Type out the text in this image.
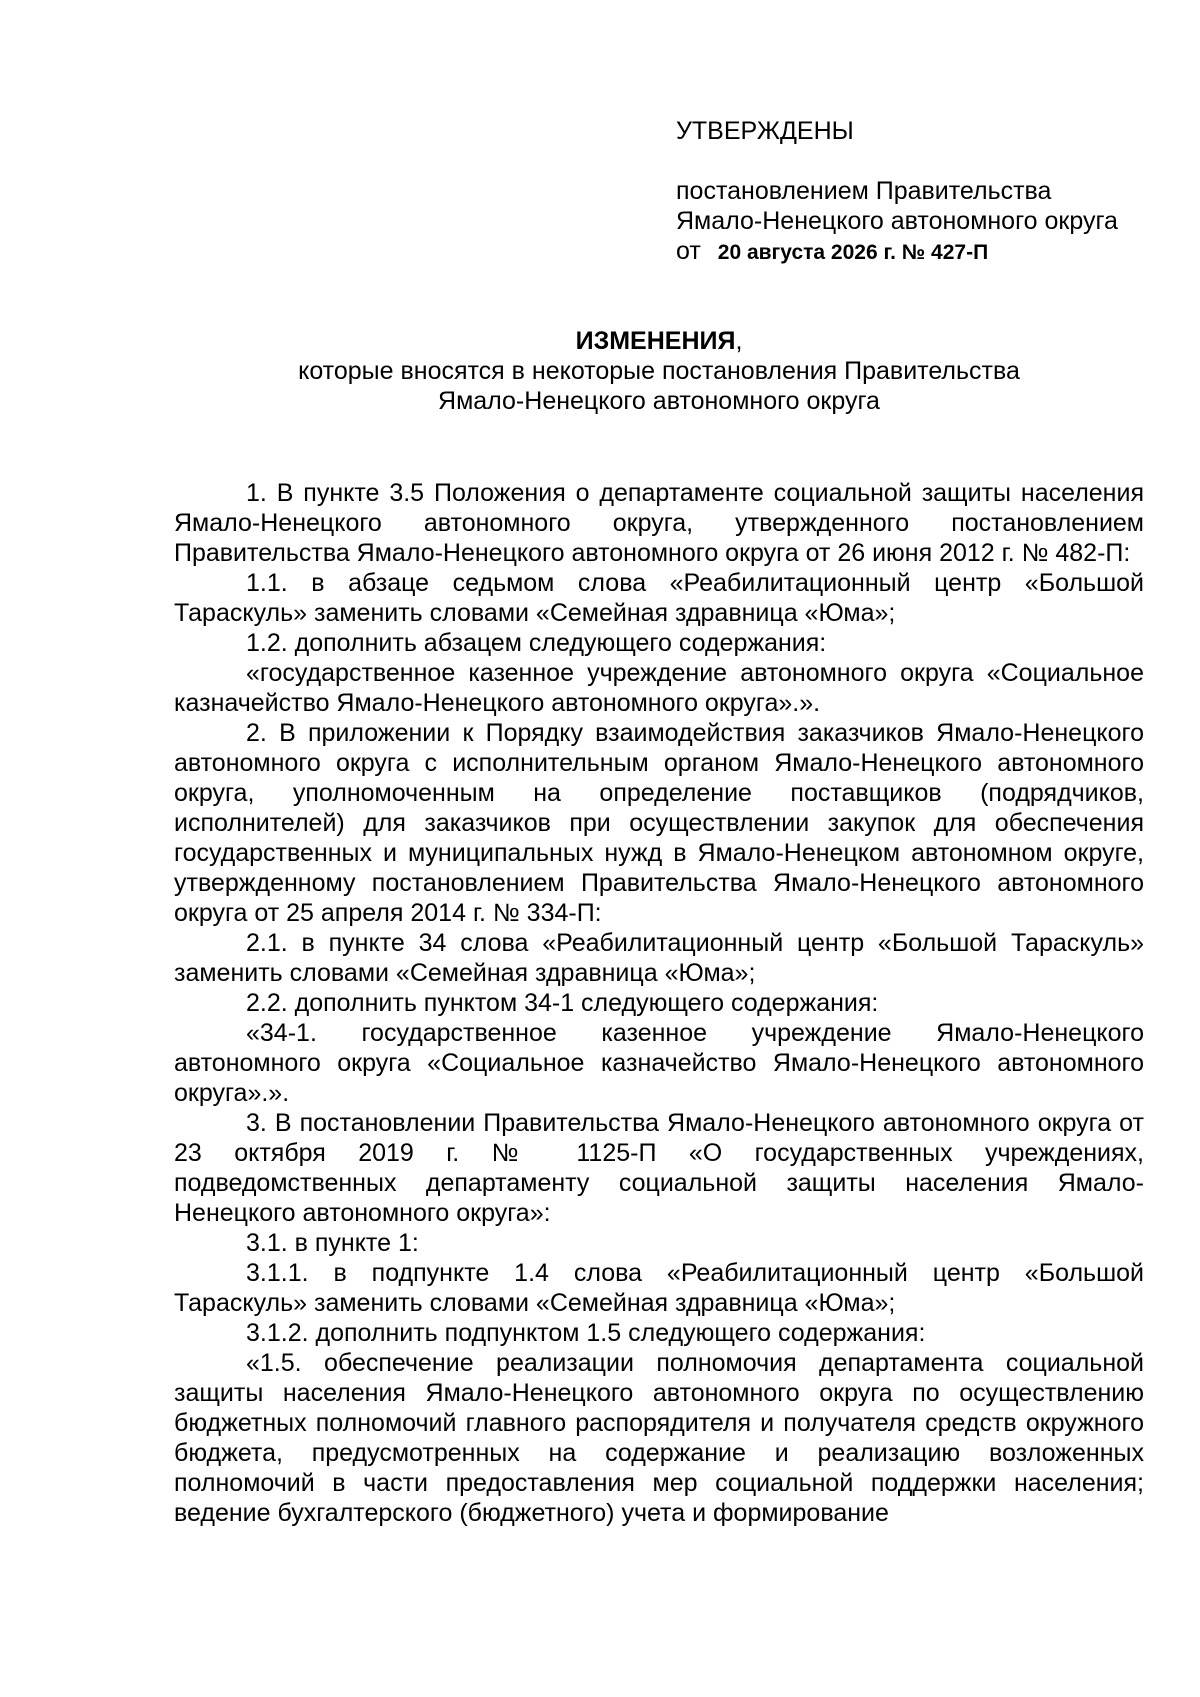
УТВЕРЖДЕНЫ
постановлением Правительства
Ямало-Ненецкого автономного округа
от 20 августа 2026 г. № 427-П
ИЗМЕНЕНИЯ,
которые вносятся в некоторые постановления Правительства
Ямало-Ненецкого автономного округа

1. В пункте 3.5 Положения о департаменте социальной защиты населения Ямало-Ненецкого автономного округа, утвержденного постановлением Правительства Ямало-Ненецкого автономного округа от 26 июня 2012 г. № 482-П:

1.1. в абзаце седьмом слова «Реабилитационный центр «Большой Тараскуль» заменить словами «Семейная здравница «Юма»;

1.2. дополнить абзацем следующего содержания:

«государственное казенное учреждение автономного округа «Социальное казначейство Ямало-Ненецкого автономного округа».».

2. В приложении к Порядку взаимодействия заказчиков Ямало-Ненецкого автономного округа с исполнительным органом Ямало-Ненецкого автономного округа, уполномоченным на определение поставщиков (подрядчиков, исполнителей) для заказчиков при осуществлении закупок для обеспечения государственных и муниципальных нужд в Ямало-Ненецком автономном округе, утвержденному постановлением Правительства Ямало-Ненецкого автономного округа от 25 апреля 2014 г. № 334-П:

2.1. в пункте 34 слова «Реабилитационный центр «Большой Тараскуль» заменить словами «Семейная здравница «Юма»;

2.2. дополнить пунктом 34-1 следующего содержания:

«34-1. государственное казенное учреждение Ямало-Ненецкого автономного округа «Социальное казначейство Ямало-Ненецкого автономного округа».».

3. В постановлении Правительства Ямало-Ненецкого автономного округа от 23 октября 2019 г. № 1125-П «О государственных учреждениях, подведомственных департаменту социальной защиты населения Ямало-Ненецкого автономного округа»:

3.1. в пункте 1:

3.1.1. в подпункте 1.4 слова «Реабилитационный центр «Большой Тараскуль» заменить словами «Семейная здравница «Юма»;

3.1.2. дополнить подпунктом 1.5 следующего содержания:

«1.5. обеспечение реализации полномочия департамента социальной защиты населения Ямало-Ненецкого автономного округа по осуществлению бюджетных полномочий главного распорядителя и получателя средств окружного бюджета, предусмотренных на содержание и реализацию возложенных полномочий в части предоставления мер социальной поддержки населения; ведение бухгалтерского (бюджетного) учета и формирование
